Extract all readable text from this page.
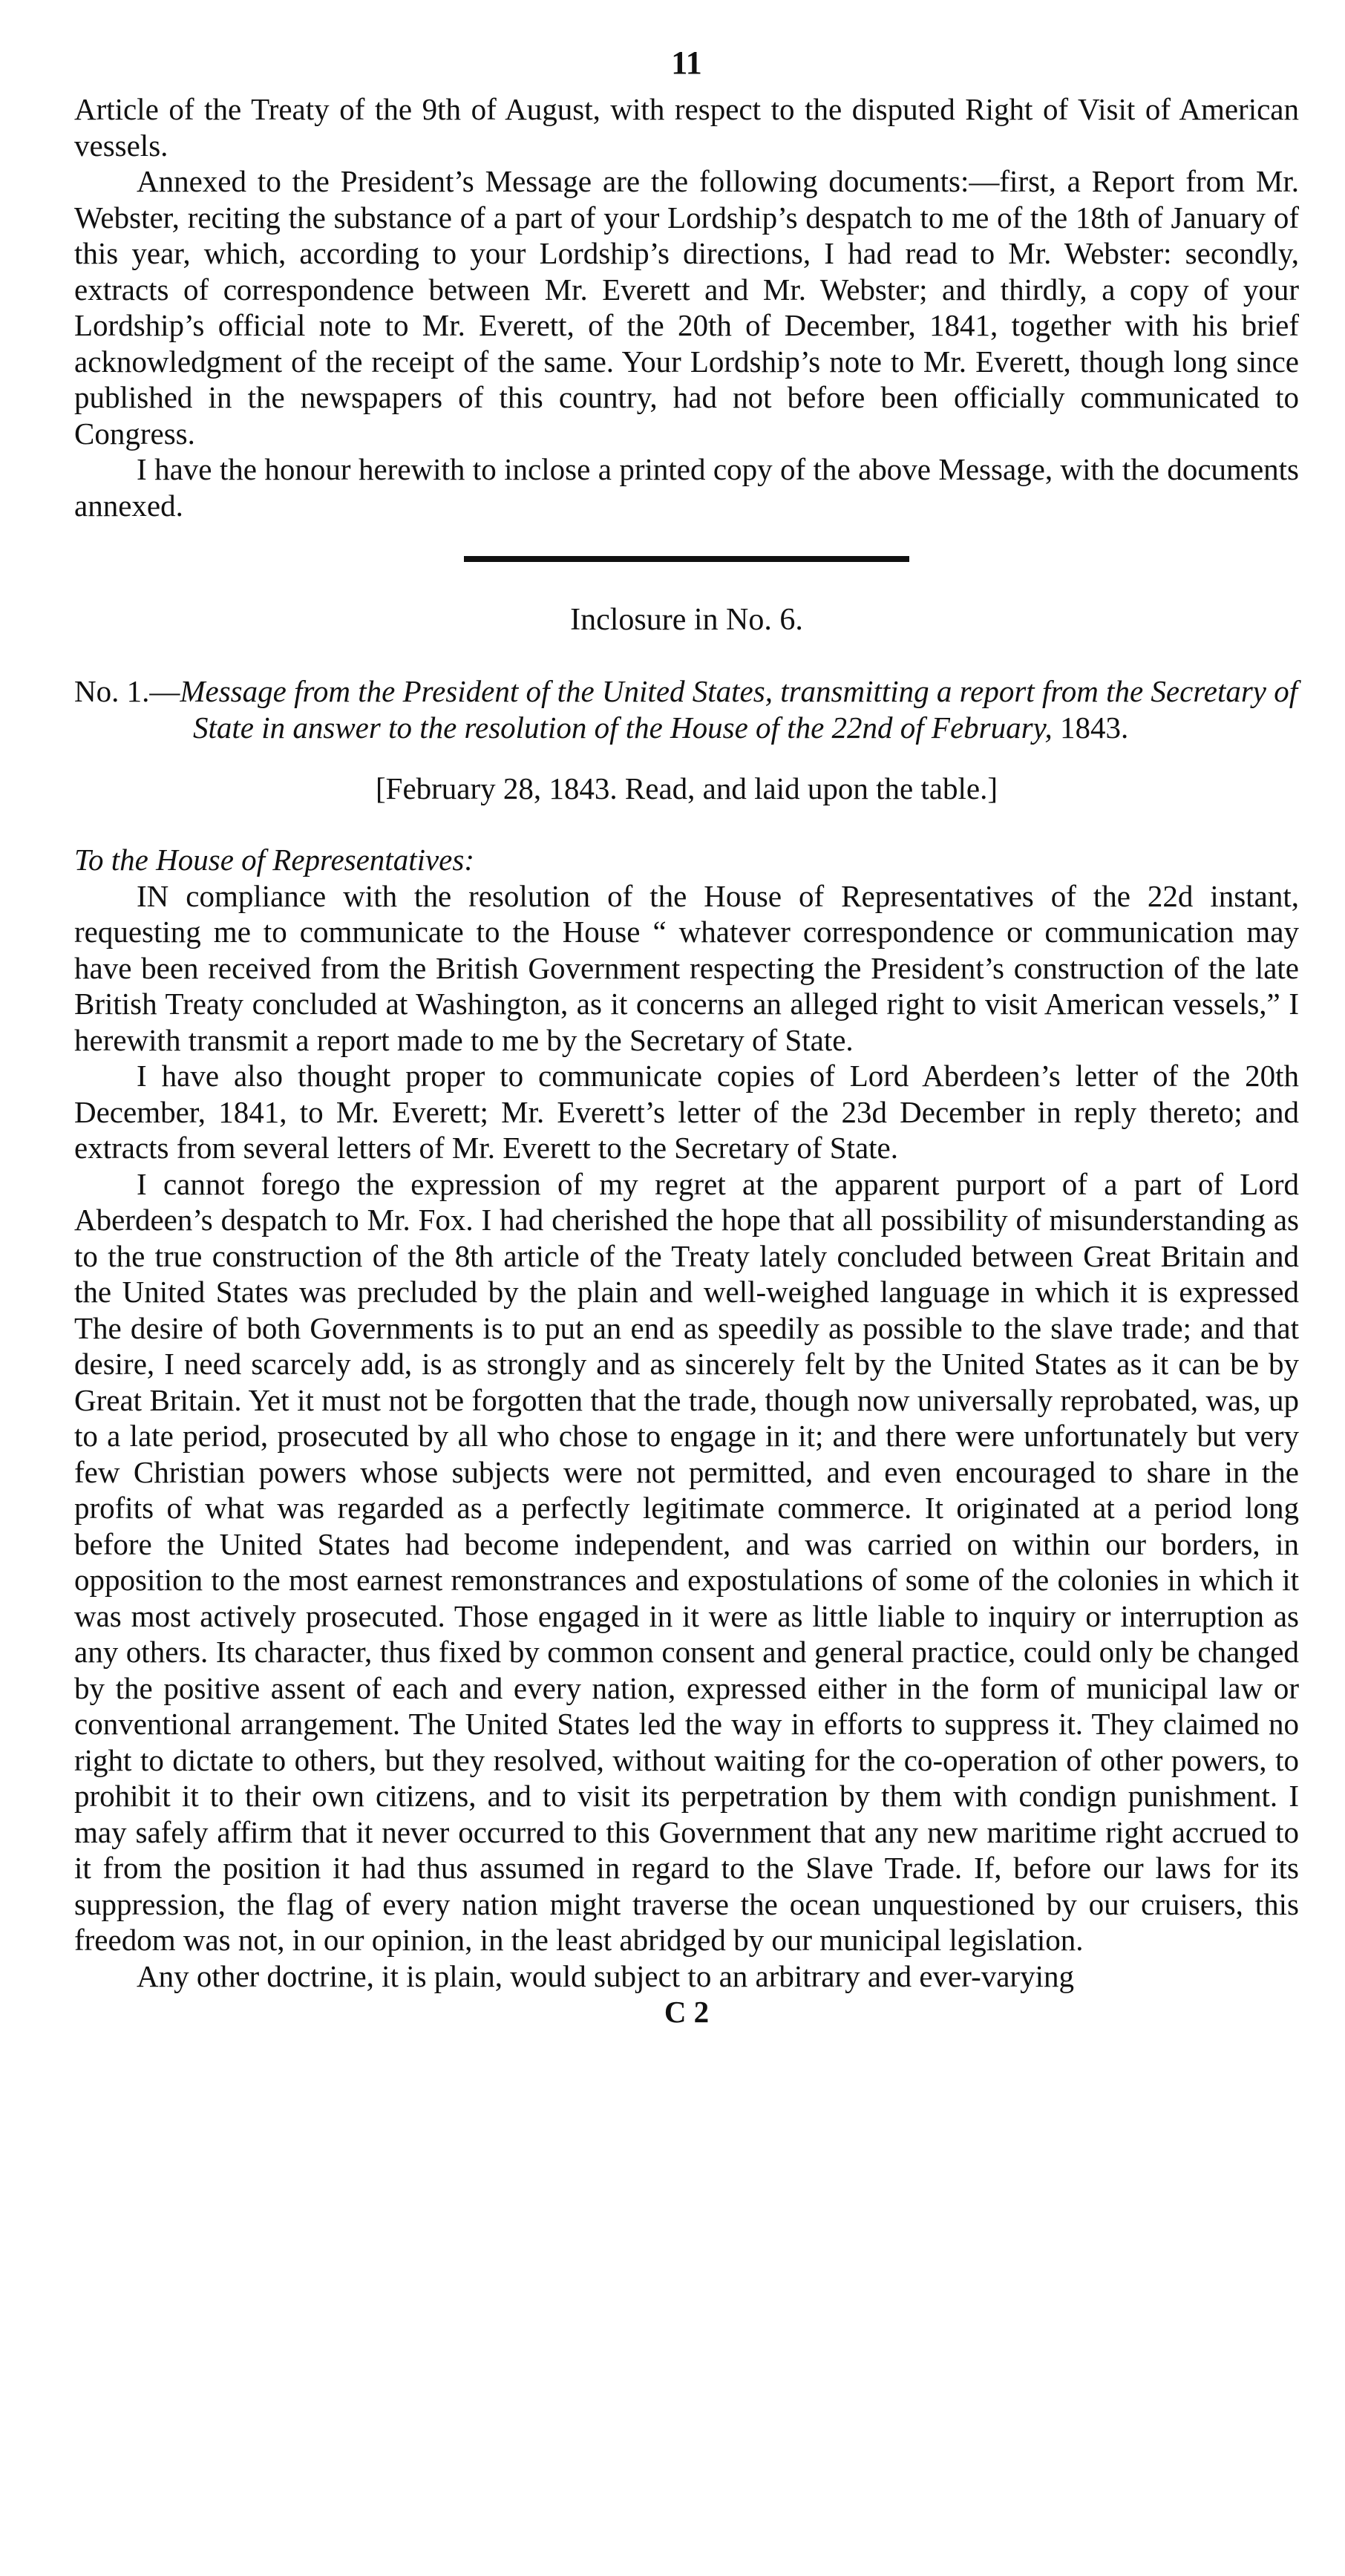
11

Article of the Treaty of the 9th of August, with respect to the disputed Right of Visit of American vessels.

Annexed to the President’s Message are the following documents:—first, a Report from Mr. Webster, reciting the substance of a part of your Lordship’s despatch to me of the 18th of January of this year, which, according to your Lordship’s directions, I had read to Mr. Webster: secondly, extracts of correspondence between Mr. Everett and Mr. Webster; and thirdly, a copy of your Lordship’s official note to Mr. Everett, of the 20th of December, 1841, together with his brief acknowledgment of the receipt of the same. Your Lordship’s note to Mr. Everett, though long since published in the newspapers of this country, had not before been officially communicated to Congress.

I have the honour herewith to inclose a printed copy of the above Message, with the documents annexed.

Inclosure in No. 6.

No. 1.—Message from the President of the United States, transmitting a report from the Secretary of State in answer to the resolution of the House of the 22nd of February, 1843.

[February 28, 1843. Read, and laid upon the table.]

To the House of Representatives:

IN compliance with the resolution of the House of Representatives of the 22d instant, requesting me to communicate to the House “ whatever correspondence or communication may have been received from the British Government respecting the President’s construction of the late British Treaty concluded at Washington, as it concerns an alleged right to visit American vessels,” I herewith transmit a report made to me by the Secretary of State.

I have also thought proper to communicate copies of Lord Aberdeen’s letter of the 20th December, 1841, to Mr. Everett; Mr. Everett’s letter of the 23d December in reply thereto; and extracts from several letters of Mr. Everett to the Secretary of State.

I cannot forego the expression of my regret at the apparent purport of a part of Lord Aberdeen’s despatch to Mr. Fox. I had cherished the hope that all possibility of misunderstanding as to the true construction of the 8th article of the Treaty lately concluded between Great Britain and the United States was precluded by the plain and well-weighed language in which it is expressed The desire of both Governments is to put an end as speedily as possible to the slave trade; and that desire, I need scarcely add, is as strongly and as sincerely felt by the United States as it can be by Great Britain. Yet it must not be forgotten that the trade, though now universally reprobated, was, up to a late period, prosecuted by all who chose to engage in it; and there were unfortunately but very few Christian powers whose subjects were not permitted, and even encouraged to share in the profits of what was regarded as a perfectly legitimate commerce. It originated at a period long before the United States had become independent, and was carried on within our borders, in opposition to the most earnest remonstrances and expostulations of some of the colonies in which it was most actively prosecuted. Those engaged in it were as little liable to inquiry or interruption as any others. Its character, thus fixed by common consent and general practice, could only be changed by the positive assent of each and every nation, expressed either in the form of municipal law or conventional arrangement. The United States led the way in efforts to suppress it. They claimed no right to dictate to others, but they resolved, without waiting for the co-operation of other powers, to prohibit it to their own citizens, and to visit its perpetration by them with condign punishment. I may safely affirm that it never occurred to this Government that any new maritime right accrued to it from the position it had thus assumed in regard to the Slave Trade. If, before our laws for its suppression, the flag of every nation might traverse the ocean unquestioned by our cruisers, this freedom was not, in our opinion, in the least abridged by our municipal legislation.

Any other doctrine, it is plain, would subject to an arbitrary and ever-varying

C 2
